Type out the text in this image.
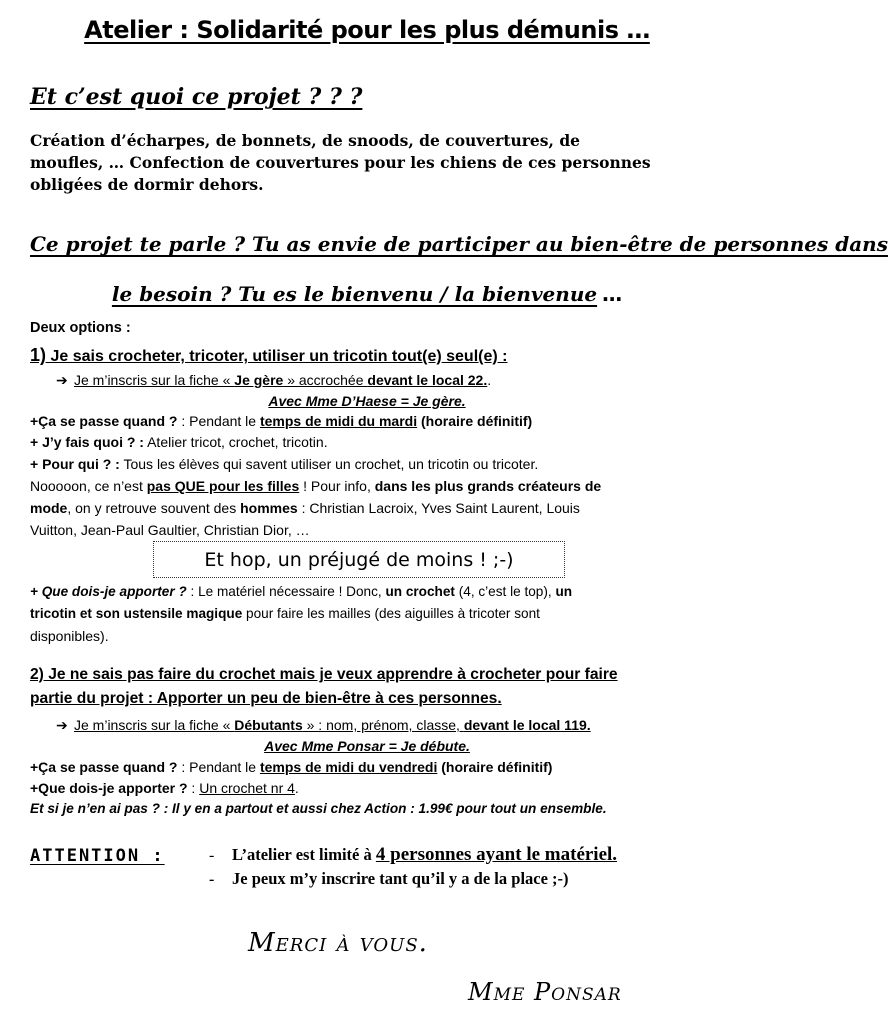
Atelier : Solidarité pour les plus démunis …
Et c’est quoi ce projet ? ? ?
Création d’écharpes, de bonnets, de snoods, de couvertures, de
moufles, … Confection de couvertures pour les chiens de ces personnes
obligées de dormir dehors.
Ce projet te parle ? Tu as envie de participer au bien-être de personnes dans
le besoin ? Tu es le bienvenu / la bienvenue …
Deux options :
1) Je sais crocheter, tricoter, utiliser un tricotin tout(e) seul(e) :
➔ Je m’inscris sur la fiche « Je gère » accrochée devant le local 22..
Avec Mme D’Haese = Je gère.
+Ça se passe quand ? : Pendant le temps de midi du mardi (horaire définitif)
+ J’y fais quoi ? : Atelier tricot, crochet, tricotin.
+ Pour qui ? : Tous les élèves qui savent utiliser un crochet, un tricotin ou tricoter.
Nooooon, ce n’est pas QUE pour les filles ! Pour info, dans les plus grands créateurs de
mode, on y retrouve souvent des hommes : Christian Lacroix, Yves Saint Laurent, Louis
Vuitton, Jean-Paul Gaultier, Christian Dior, …
Et hop, un préjugé de moins ! ;-)
+ Que dois-je apporter ? : Le matériel nécessaire ! Donc, un crochet (4, c’est le top), un
tricotin et son ustensile magique pour faire les mailles (des aiguilles à tricoter sont
disponibles).
2) Je ne sais pas faire du crochet mais je veux apprendre à crocheter pour faire
partie du projet : Apporter un peu de bien-être à ces personnes.
➔ Je m’inscris sur la fiche « Débutants » : nom, prénom, classe, devant le local 119.
Avec Mme Ponsar = Je débute.
+Ça se passe quand ? : Pendant le temps de midi du vendredi (horaire définitif)
+Que dois-je apporter ? : Un crochet nr 4.
Et si je n’en ai pas ? : Il y en a partout et aussi chez Action : 1.99€ pour tout un ensemble.
ATTENTION :	- L’atelier est limité à 4 personnes ayant le matériel.
- Je peux m’y inscrire tant qu’il y a de la place ;-)
Merci à vous.
Mme Ponsar
